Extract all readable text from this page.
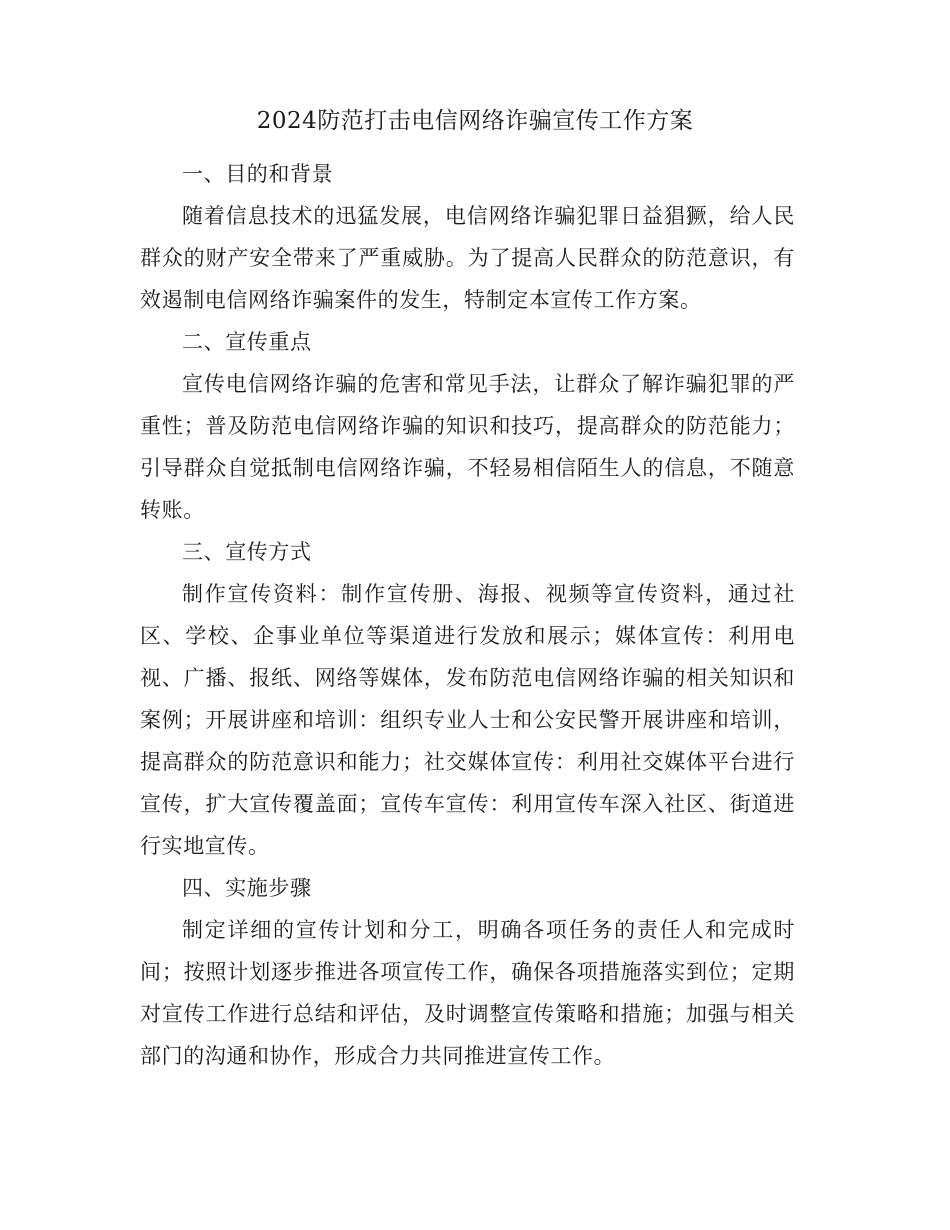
2024防范打击电信网络诈骗宣传工作方案

一、目的和背景

随着信息技术的迅猛发展，电信网络诈骗犯罪日益猖獗，给人民群众的财产安全带来了严重威胁。为了提高人民群众的防范意识，有效遏制电信网络诈骗案件的发生，特制定本宣传工作方案。

二、宣传重点

宣传电信网络诈骗的危害和常见手法，让群众了解诈骗犯罪的严重性；普及防范电信网络诈骗的知识和技巧，提高群众的防范能力；引导群众自觉抵制电信网络诈骗，不轻易相信陌生人的信息，不随意转账。

三、宣传方式

制作宣传资料：制作宣传册、海报、视频等宣传资料，通过社区、学校、企事业单位等渠道进行发放和展示；媒体宣传：利用电视、广播、报纸、网络等媒体，发布防范电信网络诈骗的相关知识和案例；开展讲座和培训：组织专业人士和公安民警开展讲座和培训，提高群众的防范意识和能力；社交媒体宣传：利用社交媒体平台进行宣传，扩大宣传覆盖面；宣传车宣传：利用宣传车深入社区、街道进行实地宣传。

四、实施步骤

制定详细的宣传计划和分工，明确各项任务的责任人和完成时间；按照计划逐步推进各项宣传工作，确保各项措施落实到位；定期对宣传工作进行总结和评估，及时调整宣传策略和措施；加强与相关部门的沟通和协作，形成合力共同推进宣传工作。
